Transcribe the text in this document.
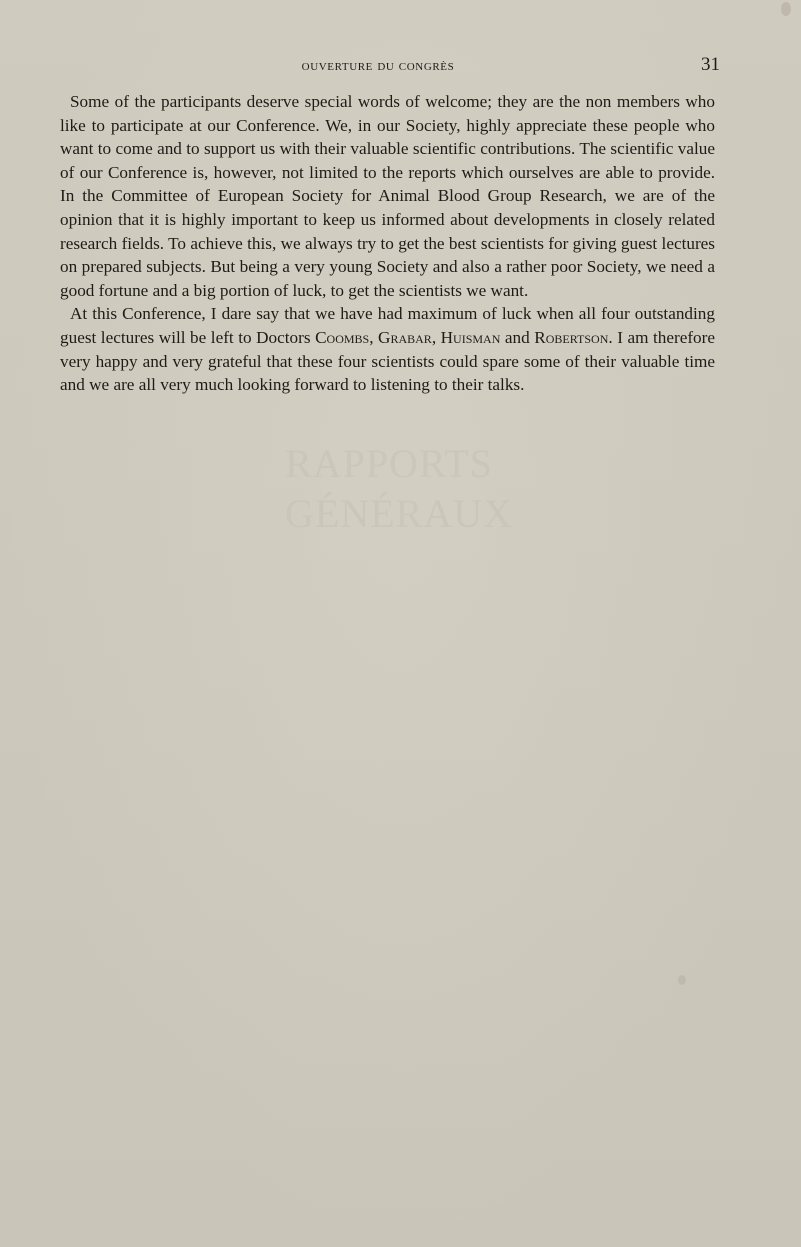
ouverture du congrès	31

Some of the participants deserve special words of welcome; they are the non members who like to participate at our Conference. We, in our Society, highly appreciate these people who want to come and to support us with their valuable scientific contributions. The scientific value of our Conference is, however, not limited to the reports which ourselves are able to provide. In the Committee of European Society for Animal Blood Group Research, we are of the opinion that it is highly important to keep us informed about developments in closely related research fields. To achieve this, we always try to get the best scientists for giving guest lectures on prepared subjects. But being a very young Society and also a rather poor Society, we need a good fortune and a big portion of luck, to get the scientists we want.

At this Conference, I dare say that we have had maximum of luck when all four outstanding guest lectures will be left to Doctors Coombs, Grabar, Huisman and Robertson. I am therefore very happy and very grateful that these four scientists could spare some of their valuable time and we are all very much looking forward to listening to their talks.

RAPPORTS
GÉNÉRAUX
